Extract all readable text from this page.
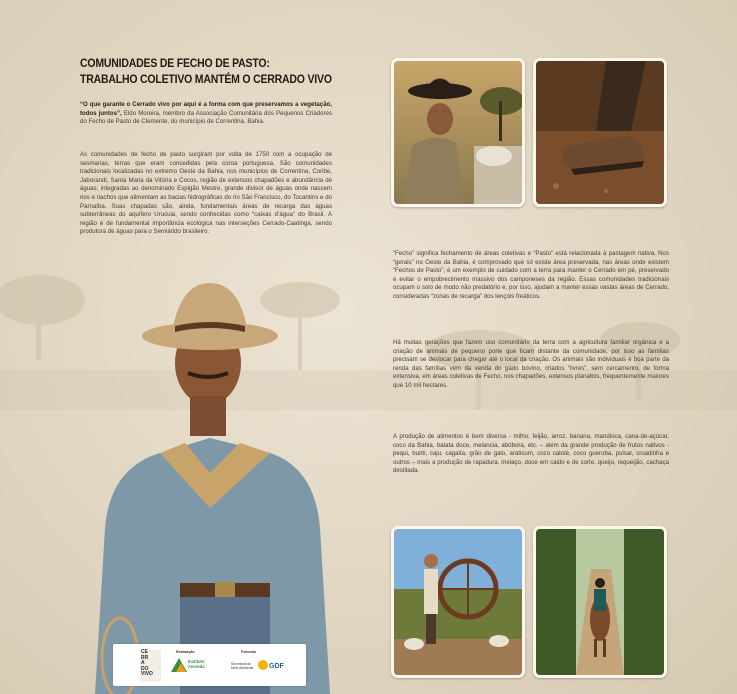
COMUNIDADES DE FECHO DE PASTO:
TRABALHO COLETIVO MANTÉM O CERRADO VIVO
“O que garante o Cerrado vivo por aqui é a forma com que preservamos a vegetação, todos juntos”, Eldo Moreira, membro da Associação Comunitária dos Pequenos Criadores do Fecho de Pasto de Clemente, do município de Correntina, Bahia.
As comunidades de fecho de pasto surgiram por volta de 1750 com a ocupação de sesmarias, terras que eram concedidas pela coroa portuguesa. São comunidades tradicionais localizadas no extremo Oeste da Bahia, nos municípios de Correntina, Coribe, Jaborandi, Santa Maria da Vitória e Cocos, região de extensos chapadões e abundância de águas, integradas ao denominado Espigão Mestre, grande divisor de águas onde nascem rios e riachos que alimentam as bacias hidrográficas do rio São Francisco, do Tocantins e do Parnaíba. Suas chapadas são, ainda, fundamentais áreas de recarga das águas subterrâneas do aquífero Urucuia, sendo conhecidas como “caixas d’água” do Brasil. A região é de fundamental importância ecológica nas interseções Cerrado-Caatinga, sendo produtora de águas para o Semiárido brasileiro.
“Fecho” significa fechamento de áreas coletivas e “Pasto” está relacionada à pastagem nativa. Nos “gerais” no Oeste da Bahia, é comprovado que só existe área preservada, nas áreas onde existem “Fechos de Pasto”; é um exemplo de cuidado com a terra para manter o Cerrado em pé, preservado e evitar o empobrecimento massivo dos camponeses da região. Essas comunidades tradicionais ocupam o solo de modo não predatório e, por isso, ajudam a manter essas vastas áreas de Cerrado, consideradas “zonas de recarga” dos lençóis freáticos.
Há muitas gerações que fazem uso comunitário da terra com a agricultura familiar orgânica e a criação de animais de pequeno porte que ficam distante da comunidade, por isso as famílias precisam se deslocar para chegar até o local da criação. Os animais são individuais e boa parte da renda das famílias vem da venda do gado bovino, criados “livres”, sem cercamento, de forma extensiva, em áreas coletivas de Fecho, nos chapadões, extensos planaltos, frequentemente maiores que 10 mil hectares.
A produção de alimentos é bem diversa - milho, feijão, arroz, banana, mandioca, cana-de-açúcar, coco da Bahia, batata doce, melancia, abóbora, etc. – além da grande produção de frutos nativos - pequi, buriti, caju, cagaita, grão de galo, araticum, coco catolé, coco gueroba, pulsar, croadinha e outros – mais a produção de rapadura, melaço, doce em caldo e de corte, queijo, requeijão, cachaça destilada.
CE
RR
A
DO
VIVO
Realização
Instituto
Avoreda
Fomento
Secretaria do
Meio Ambiente GDF
